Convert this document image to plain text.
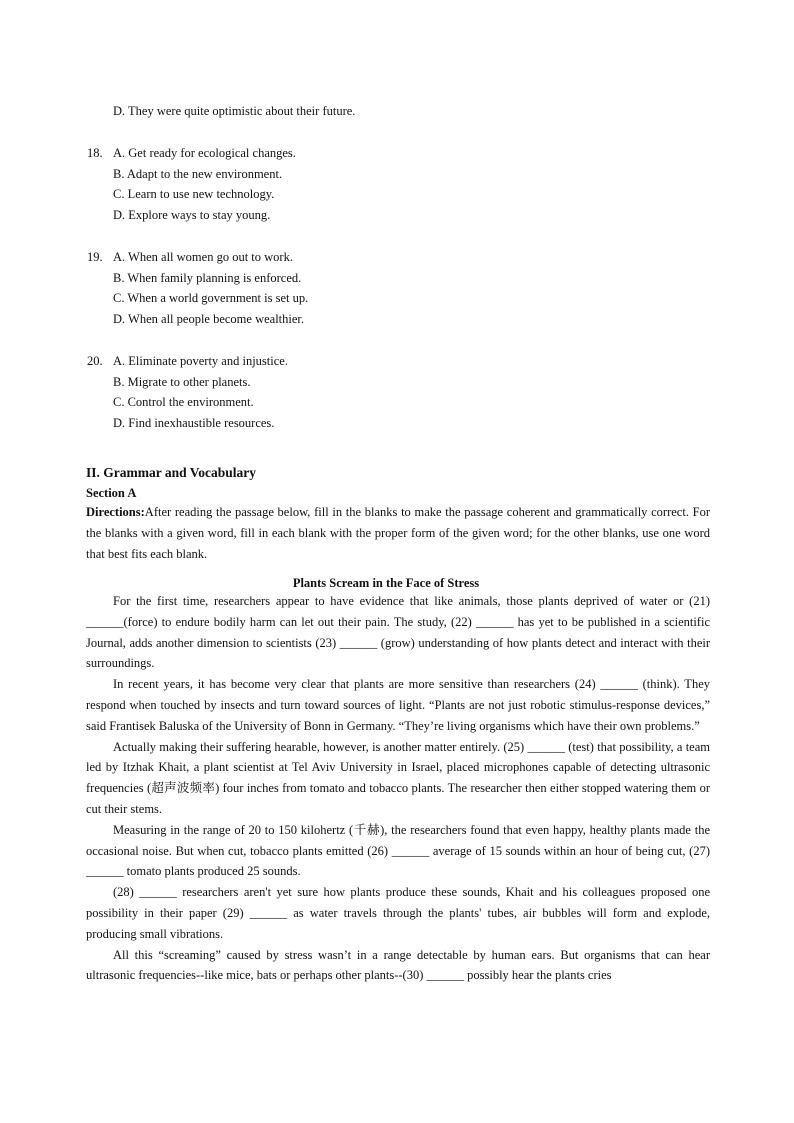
D. They were quite optimistic about their future.
18. A. Get ready for ecological changes.
B. Adapt to the new environment.
C. Learn to use new technology.
D. Explore ways to stay young.
19. A. When all women go out to work.
B. When family planning is enforced.
C. When a world government is set up.
D. When all people become wealthier.
20. A. Eliminate poverty and injustice.
B. Migrate to other planets.
C. Control the environment.
D. Find inexhaustible resources.
II. Grammar and Vocabulary
Section A

Directions:After reading the passage below, fill in the blanks to make the passage coherent and grammatically correct. For the blanks with a given word, fill in each blank with the proper form of the given word; for the other blanks, use one word that best fits each blank.

Plants Scream in the Face of Stress

For the first time, researchers appear to have evidence that like animals, those plants deprived of water or (21) ______(force) to endure bodily harm can let out their pain. The study, (22) ______ has yet to be published in a scientific Journal, adds another dimension to scientists (23) ______ (grow) understanding of how plants detect and interact with their surroundings.

In recent years, it has become very clear that plants are more sensitive than researchers (24) ______ (think). They respond when touched by insects and turn toward sources of light. “Plants are not just robotic stimulus-response devices,” said Frantisek Baluska of the University of Bonn in Germany. “They’re living organisms which have their own problems.”

Actually making their suffering hearable, however, is another matter entirely. (25) ______ (test) that possibility, a team led by Itzhak Khait, a plant scientist at Tel Aviv University in Israel, placed microphones capable of detecting ultrasonic frequencies (超声波频率) four inches from tomato and tobacco plants. The researcher then either stopped watering them or cut their stems.

Measuring in the range of 20 to 150 kilohertz (千赫), the researchers found that even happy, healthy plants made the occasional noise. But when cut, tobacco plants emitted (26) ______ average of 15 sounds within an hour of being cut, (27) ______ tomato plants produced 25 sounds.

(28) ______ researchers aren't yet sure how plants produce these sounds, Khait and his colleagues proposed one possibility in their paper (29) ______ as water travels through the plants' tubes, air bubbles will form and explode, producing small vibrations.

All this “screaming” caused by stress wasn’t in a range detectable by human ears. But organisms that can hear ultrasonic frequencies--like mice, bats or perhaps other plants--(30) ______ possibly hear the plants cries
